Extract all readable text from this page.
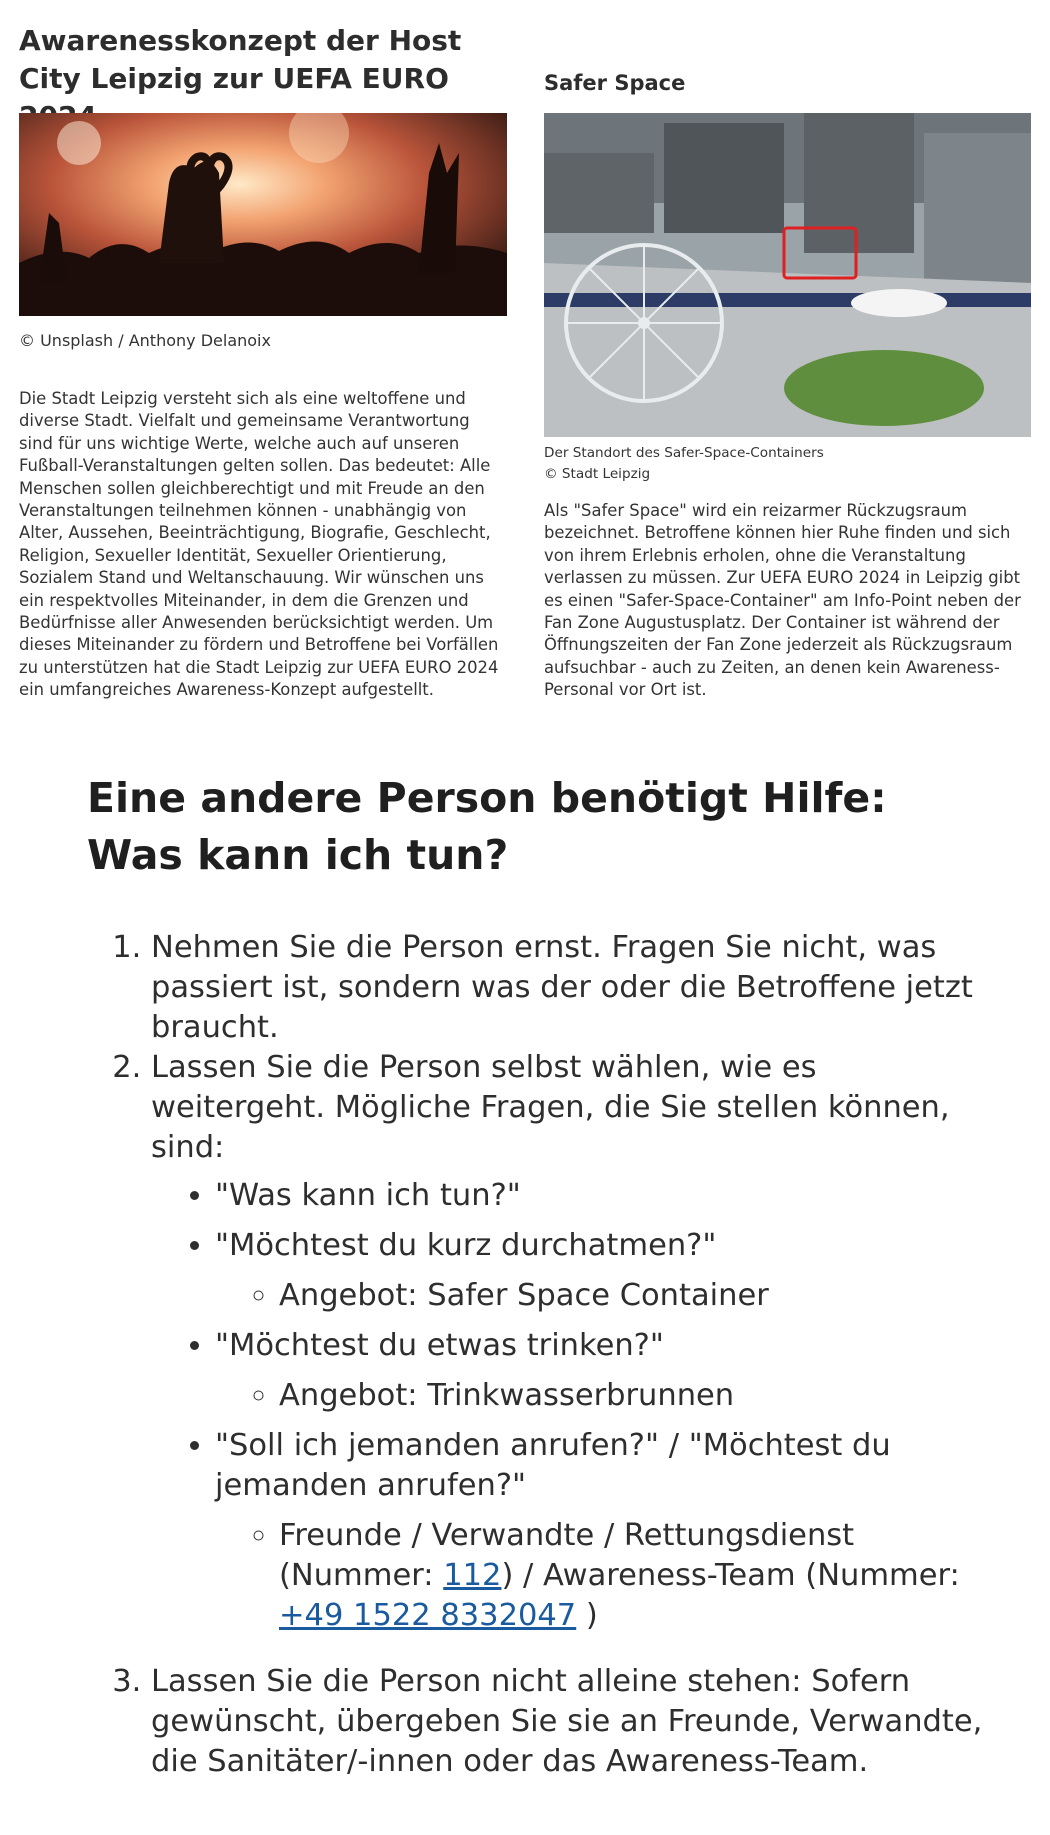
Awarenesskonzept der Host City Leipzig zur UEFA EURO
© Unsplash / Anthony Delanoix

Die Stadt Leipzig versteht sich als eine weltoffene und diverse Stadt. Vielfalt und gemeinsame Verantwortung sind für uns wichtige Werte, welche auch auf unseren Fußball-Veranstaltungen gelten sollen. Das bedeutet: Alle Menschen sollen gleichberechtigt und mit Freude an den Veranstaltungen teilnehmen können - unabhängig von Alter, Aussehen, Beeinträchtigung, Biografie, Geschlecht, Religion, Sexueller Identität, Sexueller Orientierung, Sozialem Stand und Weltanschauung. Wir wünschen uns ein respektvolles Miteinander, in dem die Grenzen und Bedürfnisse aller Anwesenden berücksichtigt werden. Um dieses Miteinander zu fördern und Betroffene bei Vorfällen zu unterstützen hat die Stadt Leipzig zur UEFA EURO 2024 ein umfangreiches Awareness-Konzept aufgestellt.

Safer Space
Der Standort des Safer-Space-Containers
© Stadt Leipzig

Als "Safer Space" wird ein reizarmer Rückzugsraum bezeichnet. Betroffene können hier Ruhe finden und sich von ihrem Erlebnis erholen, ohne die Veranstaltung verlassen zu müssen. Zur UEFA EURO 2024 in Leipzig gibt es einen "Safer-Space-Container" am Info-Point neben der Fan Zone Augustusplatz. Der Container ist während der Öffnungszeiten der Fan Zone jederzeit als Rückzugsraum aufsuchbar - auch zu Zeiten, an denen kein Awareness-Personal vor Ort ist.

Eine andere Person benötigt Hilfe: Was kann ich tun?
1. Nehmen Sie die Person ernst. Fragen Sie nicht, was passiert ist, sondern was der oder die Betroffene jetzt braucht.
2. Lassen Sie die Person selbst wählen, wie es weitergeht. Mögliche Fragen, die Sie stellen können, sind:
• "Was kann ich tun?"
• "Möchtest du kurz durchatmen?"
◦ Angebot: Safer Space Container
• "Möchtest du etwas trinken?"
◦ Angebot: Trinkwasserbrunnen
• "Soll ich jemanden anrufen?" / "Möchtest du jemanden anrufen?"
◦ Freunde / Verwandte / Rettungsdienst (Nummer: 112) / Awareness-Team (Nummer: +49 1522 8332047 )
3. Lassen Sie die Person nicht alleine stehen: Sofern gewünscht, übergeben Sie sie an Freunde, Verwandte, die Sanitäter/-innen oder das Awareness-Team.
